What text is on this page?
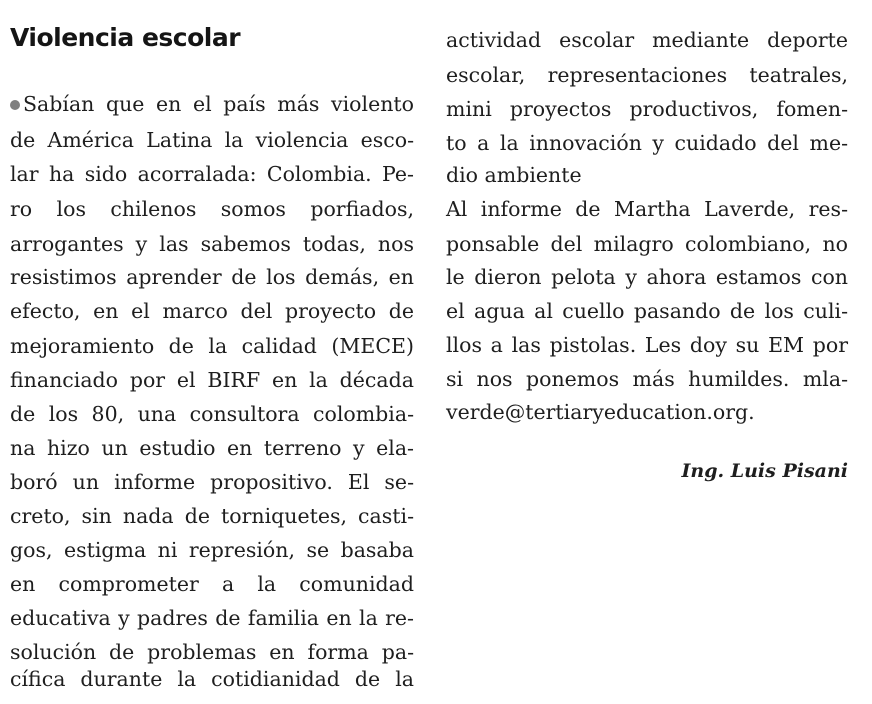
Violencia escolar
Sabían que en el país más violento
de América Latina la violencia esco-
lar ha sido acorralada: Colombia. Pe-
ro los chilenos somos porfiados,
arrogantes y las sabemos todas, nos
resistimos aprender de los demás, en
efecto, en el marco del proyecto de
mejoramiento de la calidad (MECE)
financiado por el BIRF en la década
de los 80, una consultora colombia-
na hizo un estudio en terreno y ela-
boró un informe propositivo. El se-
creto, sin nada de torniquetes, casti-
gos, estigma ni represión, se basaba
en comprometer a la comunidad
educativa y padres de familia en la re-
solución de problemas en forma pa-
cífica durante la cotidianidad de la
actividad escolar mediante deporte
escolar, representaciones teatrales,
mini proyectos productivos, fomen-
to a la innovación y cuidado del me-
dio ambiente
Al informe de Martha Laverde, res-
ponsable del milagro colombiano, no
le dieron pelota y ahora estamos con
el agua al cuello pasando de los culi-
llos a las pistolas. Les doy su EM por
si nos ponemos más humildes. mla-
verde@tertiaryeducation.org.
Ing. Luis Pisani
